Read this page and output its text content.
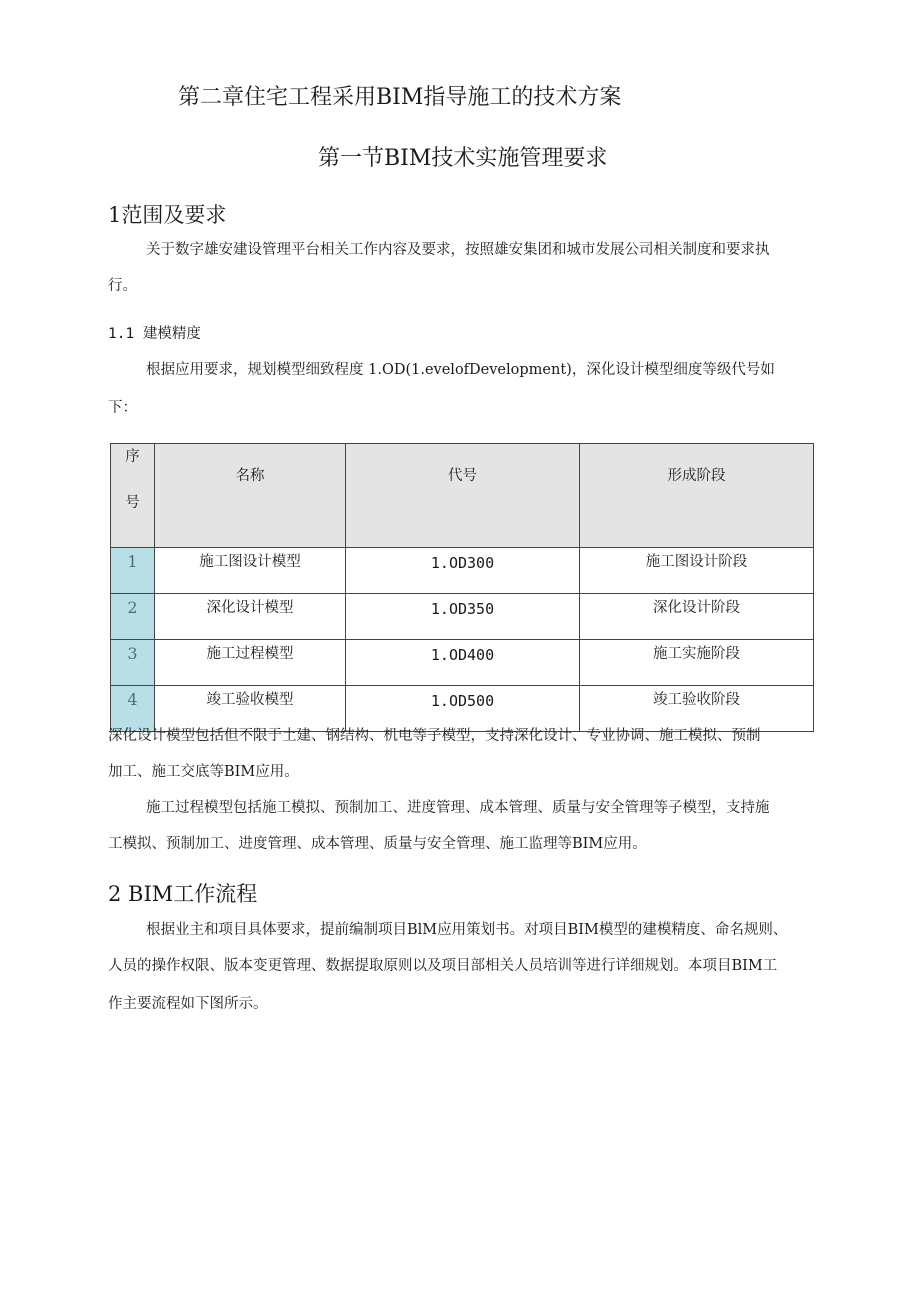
第二章住宅工程采用BIM指导施工的技术方案
第一节BIM技术实施管理要求
1范围及要求
关于数字雄安建设管理平台相关工作内容及要求，按照雄安集团和城市发展公司相关制度和要求执
行。
1.1 建模精度
根据应用要求，规划模型细致程度 1.OD(1.evelofDevelopment)，深化设计模型细度等级代号如
下：
序
号	名称	代号	形成阶段
1	施工图设计模型	1.OD300	施工图设计阶段
2	深化设计模型	1.OD350	深化设计阶段
3	施工过程模型	1.OD400	施工实施阶段
4	竣工验收模型	1.OD500	竣工验收阶段
深化设计模型包括但不限于土建、钢结构、机电等子模型，支持深化设计、专业协调、施工模拟、预制
加工、施工交底等BIM应用。
施工过程模型包括施工模拟、预制加工、进度管理、成本管理、质量与安全管理等子模型，支持施
工模拟、预制加工、进度管理、成本管理、质量与安全管理、施工监理等BIM应用。
2 BIM工作流程
根据业主和项目具体要求，提前编制项目BlM应用策划书。对项目BIM模型的建模精度、命名规则、
人员的操作权限、版本变更管理、数据提取原则以及项目部相关人员培训等进行详细规划。本项目BIM工
作主要流程如下图所示。
